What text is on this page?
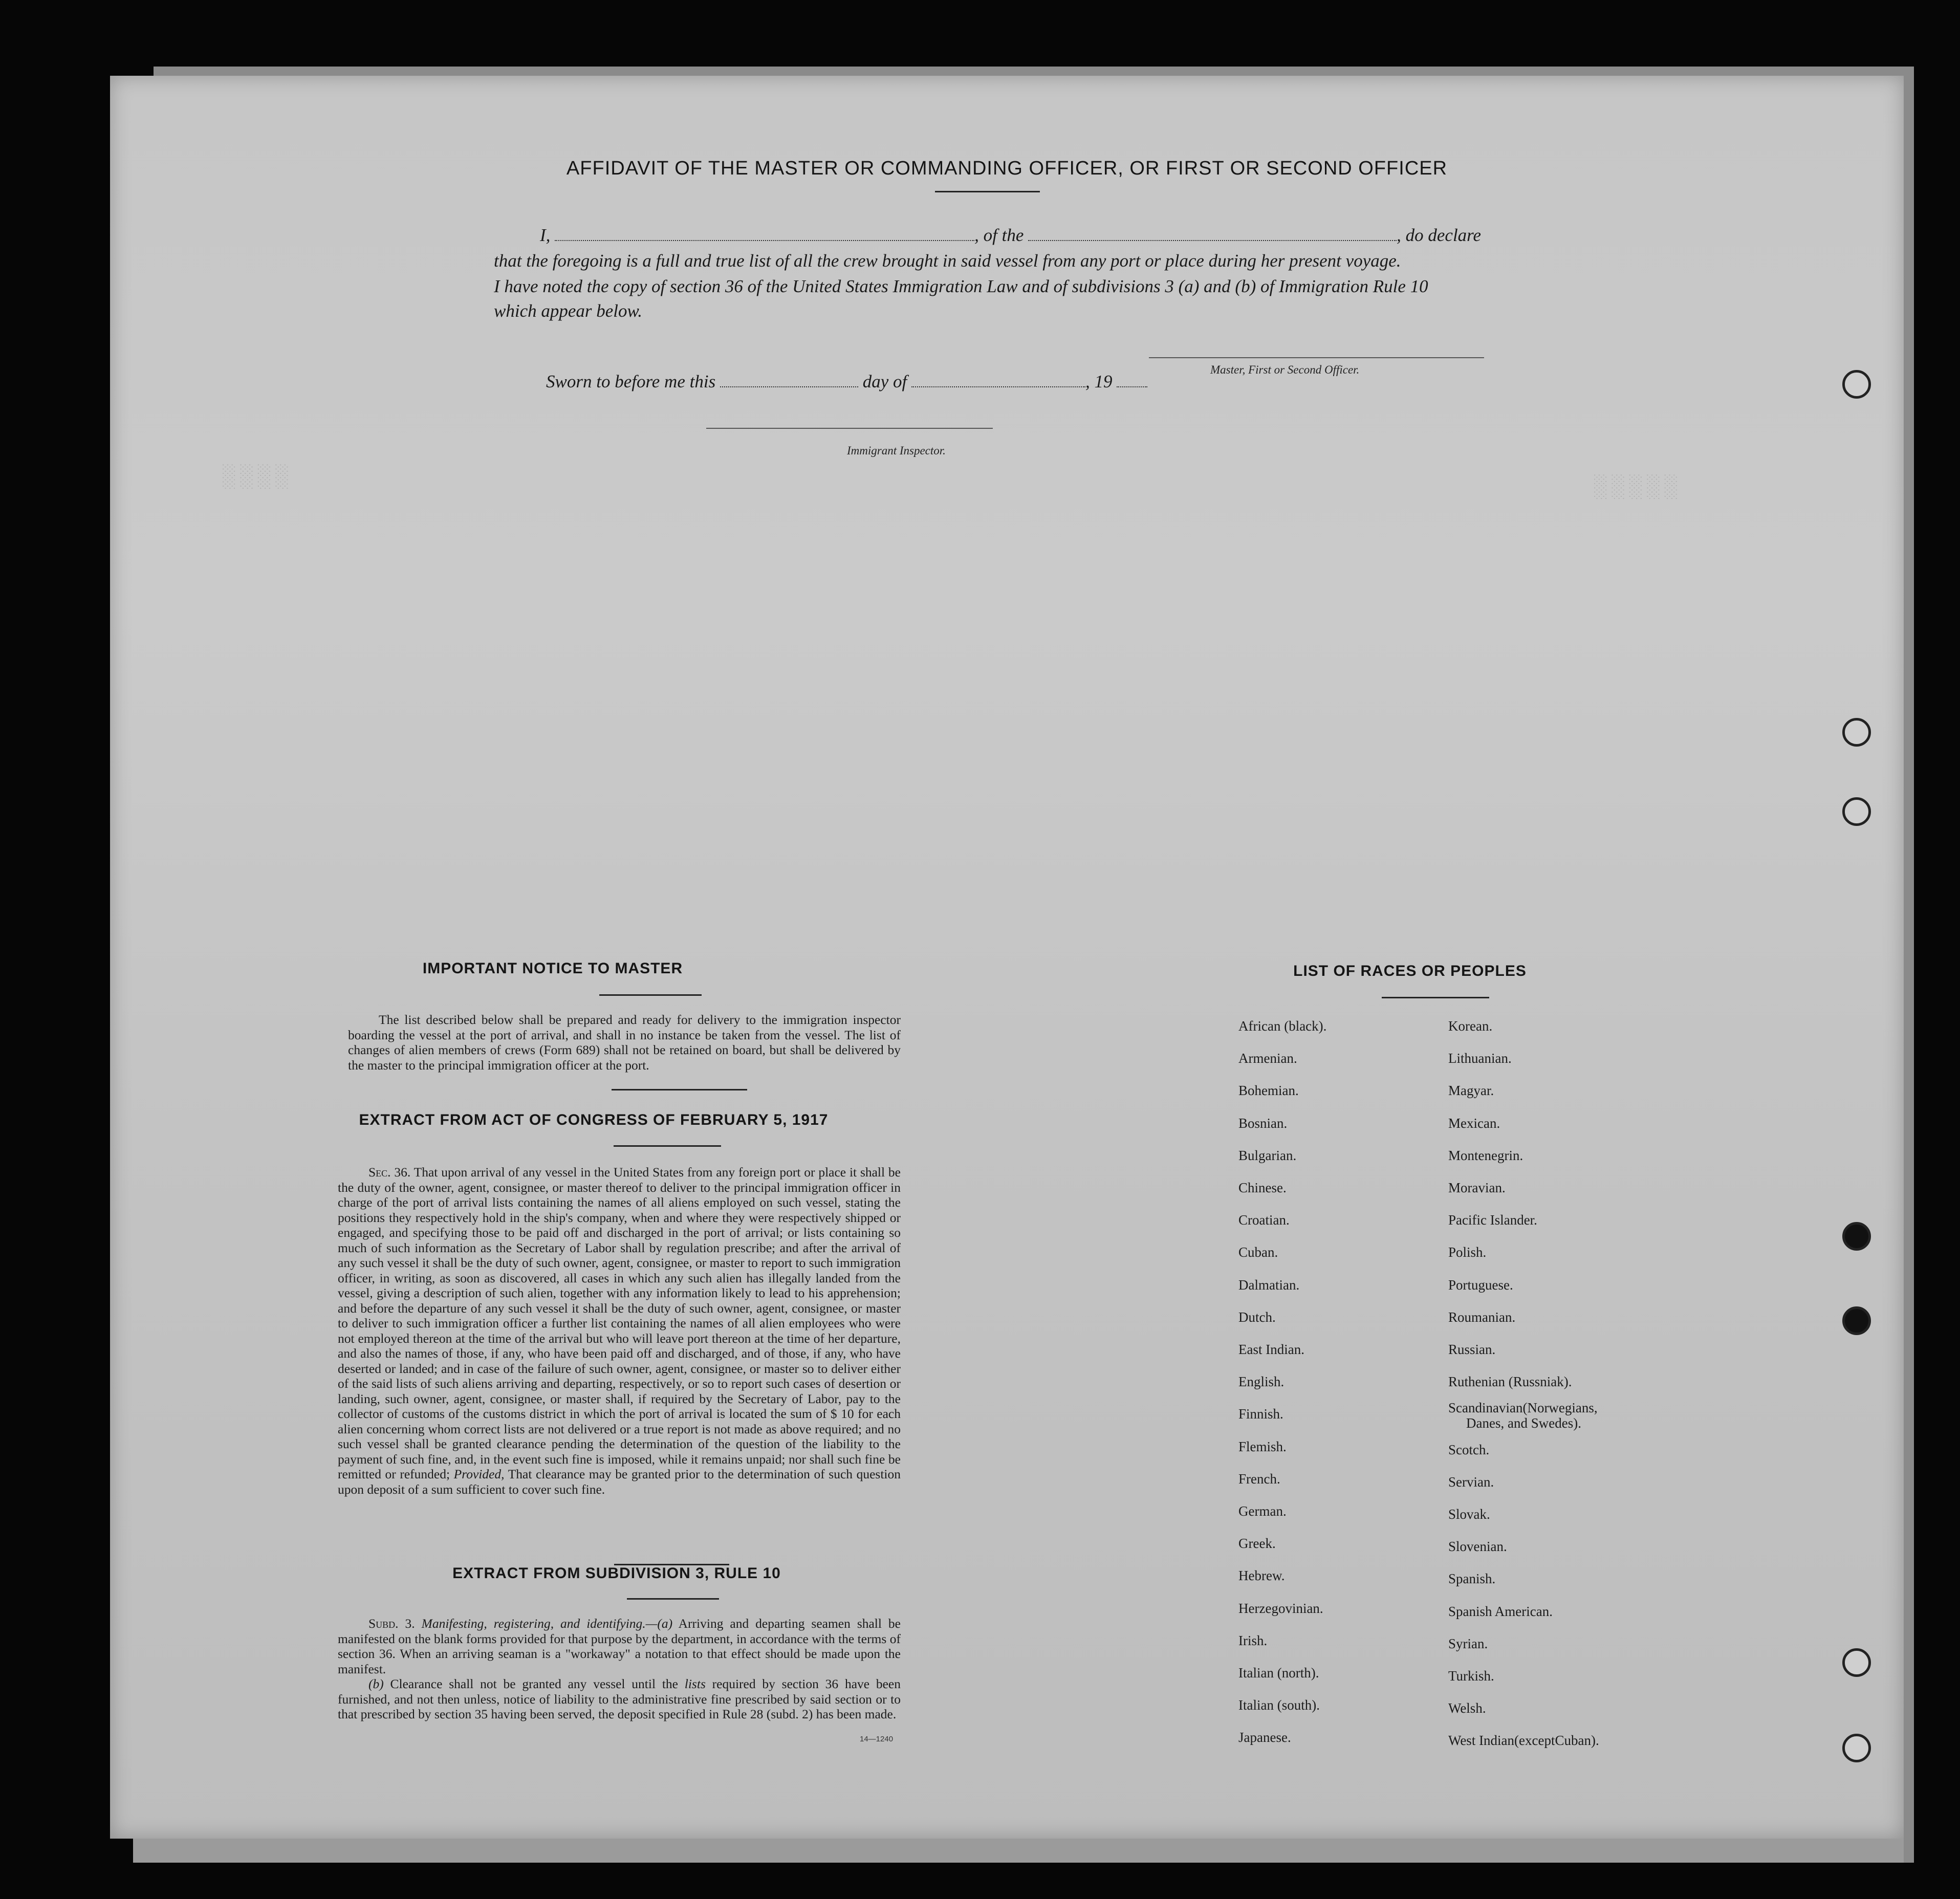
░░░░░
░░░░
AFFIDAVIT OF THE MASTER OR COMMANDING OFFICER, OR FIRST OR SECOND OFFICER
I,	, of the	, do declare
that the foregoing is a full and true list of all the crew brought in said vessel from any port or place during her present voyage.
I have noted the copy of section 36 of the United States Immigration Law and of subdivisions 3 (a) and (b) of Immigration Rule 10
which appear below.
Master, First or Second Officer.
Sworn to before me this	day of	, 19
Immigrant Inspector.
IMPORTANT NOTICE TO MASTER

The list described below shall be prepared and ready for delivery to the immigration inspector boarding the vessel at the port of arrival, and shall in no instance be taken from the vessel. The list of changes of alien members of crews (Form 689) shall not be retained on board, but shall be delivered by the master to the principal immigration officer at the port.

EXTRACT FROM ACT OF CONGRESS OF FEBRUARY 5, 1917

Sec. 36. That upon arrival of any vessel in the United States from any foreign port or place it shall be the duty of the owner, agent, consignee, or master thereof to deliver to the principal immigration officer in charge of the port of arrival lists containing the names of all aliens employed on such vessel, stating the positions they respectively hold in the ship's company, when and where they were respectively shipped or engaged, and specifying those to be paid off and discharged in the port of arrival; or lists containing so much of such information as the Secretary of Labor shall by regulation prescribe; and after the arrival of any such vessel it shall be the duty of such owner, agent, consignee, or master to report to such immigration officer, in writing, as soon as discovered, all cases in which any such alien has illegally landed from the vessel, giving a description of such alien, together with any information likely to lead to his apprehension; and before the departure of any such vessel it shall be the duty of such owner, agent, consignee, or master to deliver to such immigration officer a further list containing the names of all alien employees who were not employed thereon at the time of the arrival but who will leave port thereon at the time of her departure, and also the names of those, if any, who have been paid off and discharged, and of those, if any, who have deserted or landed; and in case of the failure of such owner, agent, consignee, or master so to deliver either of the said lists of such aliens arriving and departing, respectively, or so to report such cases of desertion or landing, such owner, agent, consignee, or master shall, if required by the Secretary of Labor, pay to the collector of customs of the customs district in which the port of arrival is located the sum of $ 10 for each alien concerning whom correct lists are not delivered or a true report is not made as above required; and no such vessel shall be granted clearance pending the determination of the question of the liability to the payment of such fine, and, in the event such fine is imposed, while it remains unpaid; nor shall such fine be remitted or refunded; Provided, That clearance may be granted prior to the determination of such question upon deposit of a sum sufficient to cover such fine.

EXTRACT FROM SUBDIVISION 3, RULE 10

Subd. 3. Manifesting, registering, and identifying.—(a) Arriving and departing seamen shall be manifested on the blank forms provided for that purpose by the department, in accordance with the terms of section 36. When an arriving seaman is a "workaway" a notation to that effect should be made upon the manifest.

(b) Clearance shall not be granted any vessel until the lists required by section 36 have been furnished, and not then unless, notice of liability to the administrative fine prescribed by said section or to that prescribed by section 35 having been served, the deposit specified in Rule 28 (subd. 2) has been made.

14—1240
LIST OF RACES OR PEOPLES
African (black).
Armenian.
Bohemian.
Bosnian.
Bulgarian.
Chinese.
Croatian.
Cuban.
Dalmatian.
Dutch.
East Indian.
English.
Finnish.
Flemish.
French.
German.
Greek.
Hebrew.
Herzegovinian.
Irish.
Italian (north).
Italian (south).
Japanese.
Korean.
Lithuanian.
Magyar.
Mexican.
Montenegrin.
Moravian.
Pacific Islander.
Polish.
Portuguese.
Roumanian.
Russian.
Ruthenian (Russniak).
Scandinavian(Norwegians,
Danes, and Swedes).
Scotch.
Servian.
Slovak.
Slovenian.
Spanish.
Spanish American.
Syrian.
Turkish.
Welsh.
West Indian(exceptCuban).
